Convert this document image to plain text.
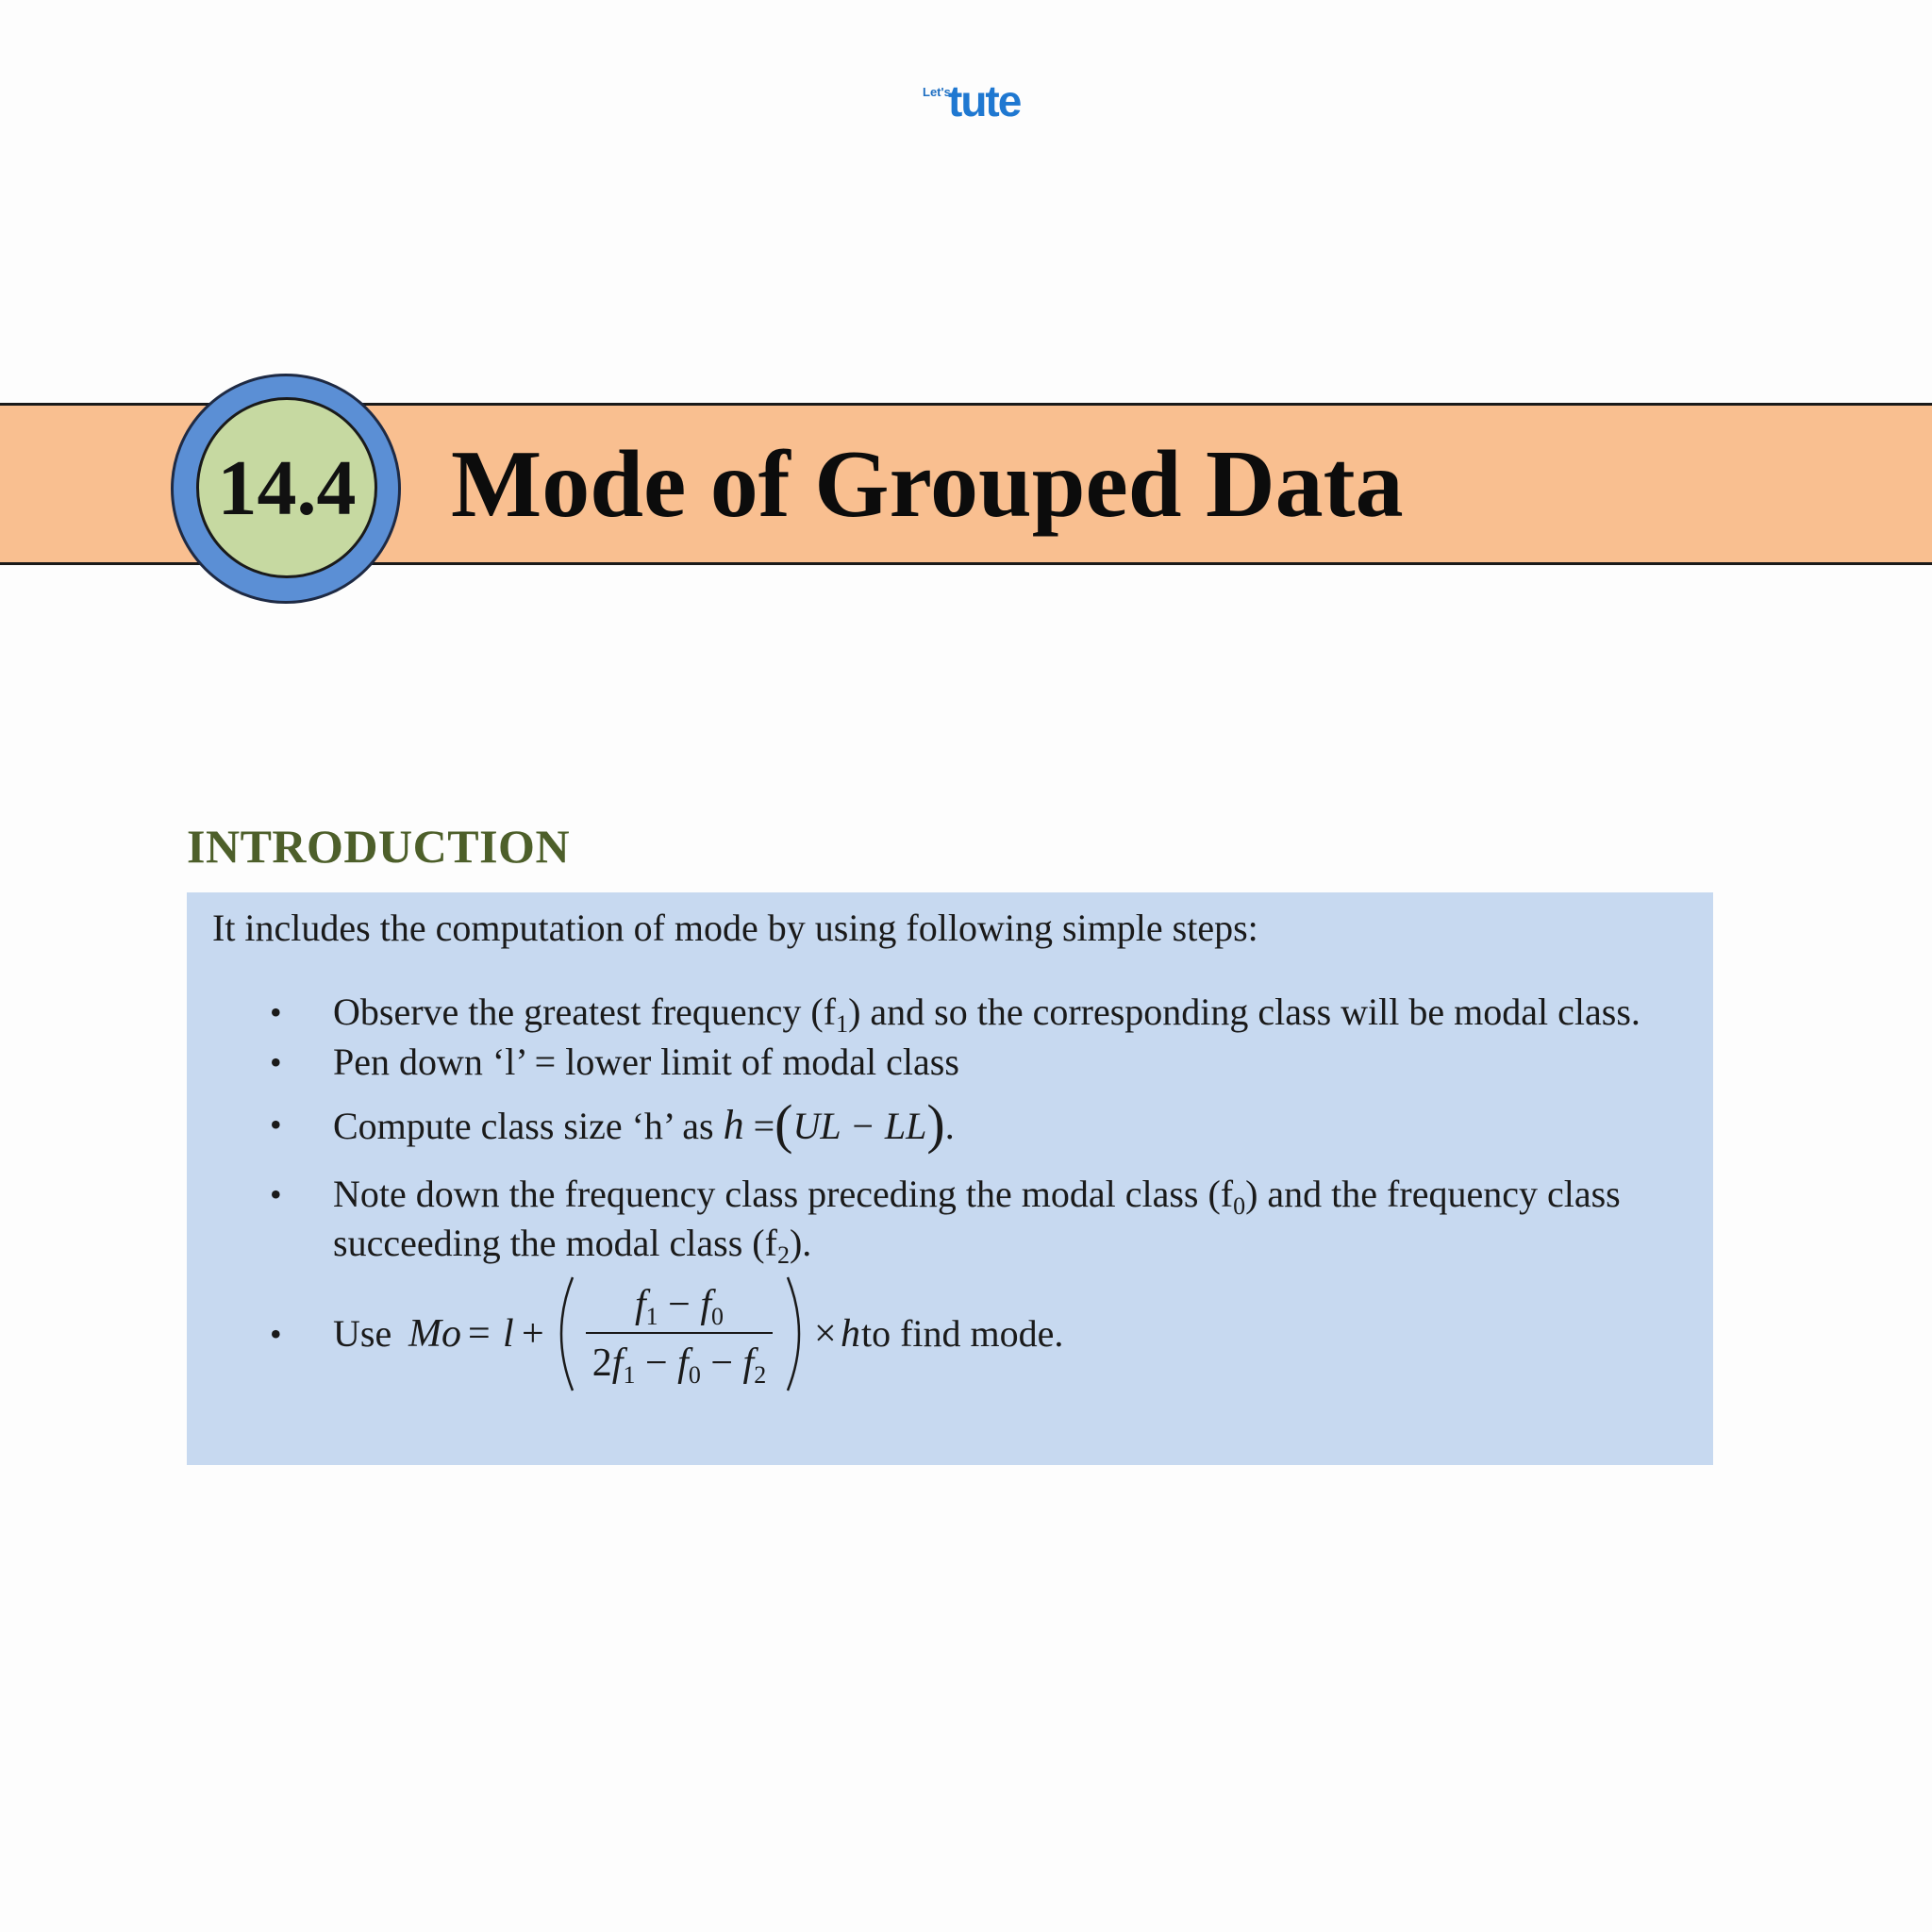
Let's
tute
14.4 Mode of Grouped Data
INTRODUCTION
It includes the computation of mode by using following simple steps:
• Observe the greatest frequency $(f_1)$ and so the corresponding class will be modal class.
• Pen down ‘l’ = lower limit of modal class
• Compute class size ‘h’ as h =(UL − LL).
• Note down the frequency class preceding the modal class $(f_0)$ and the frequency class
succeeding the modal class $(f_2)$.
• Use Mo = l +
$f_1 - f_0$
$2f_1 - f_0 - f_2$
× h to find mode.
